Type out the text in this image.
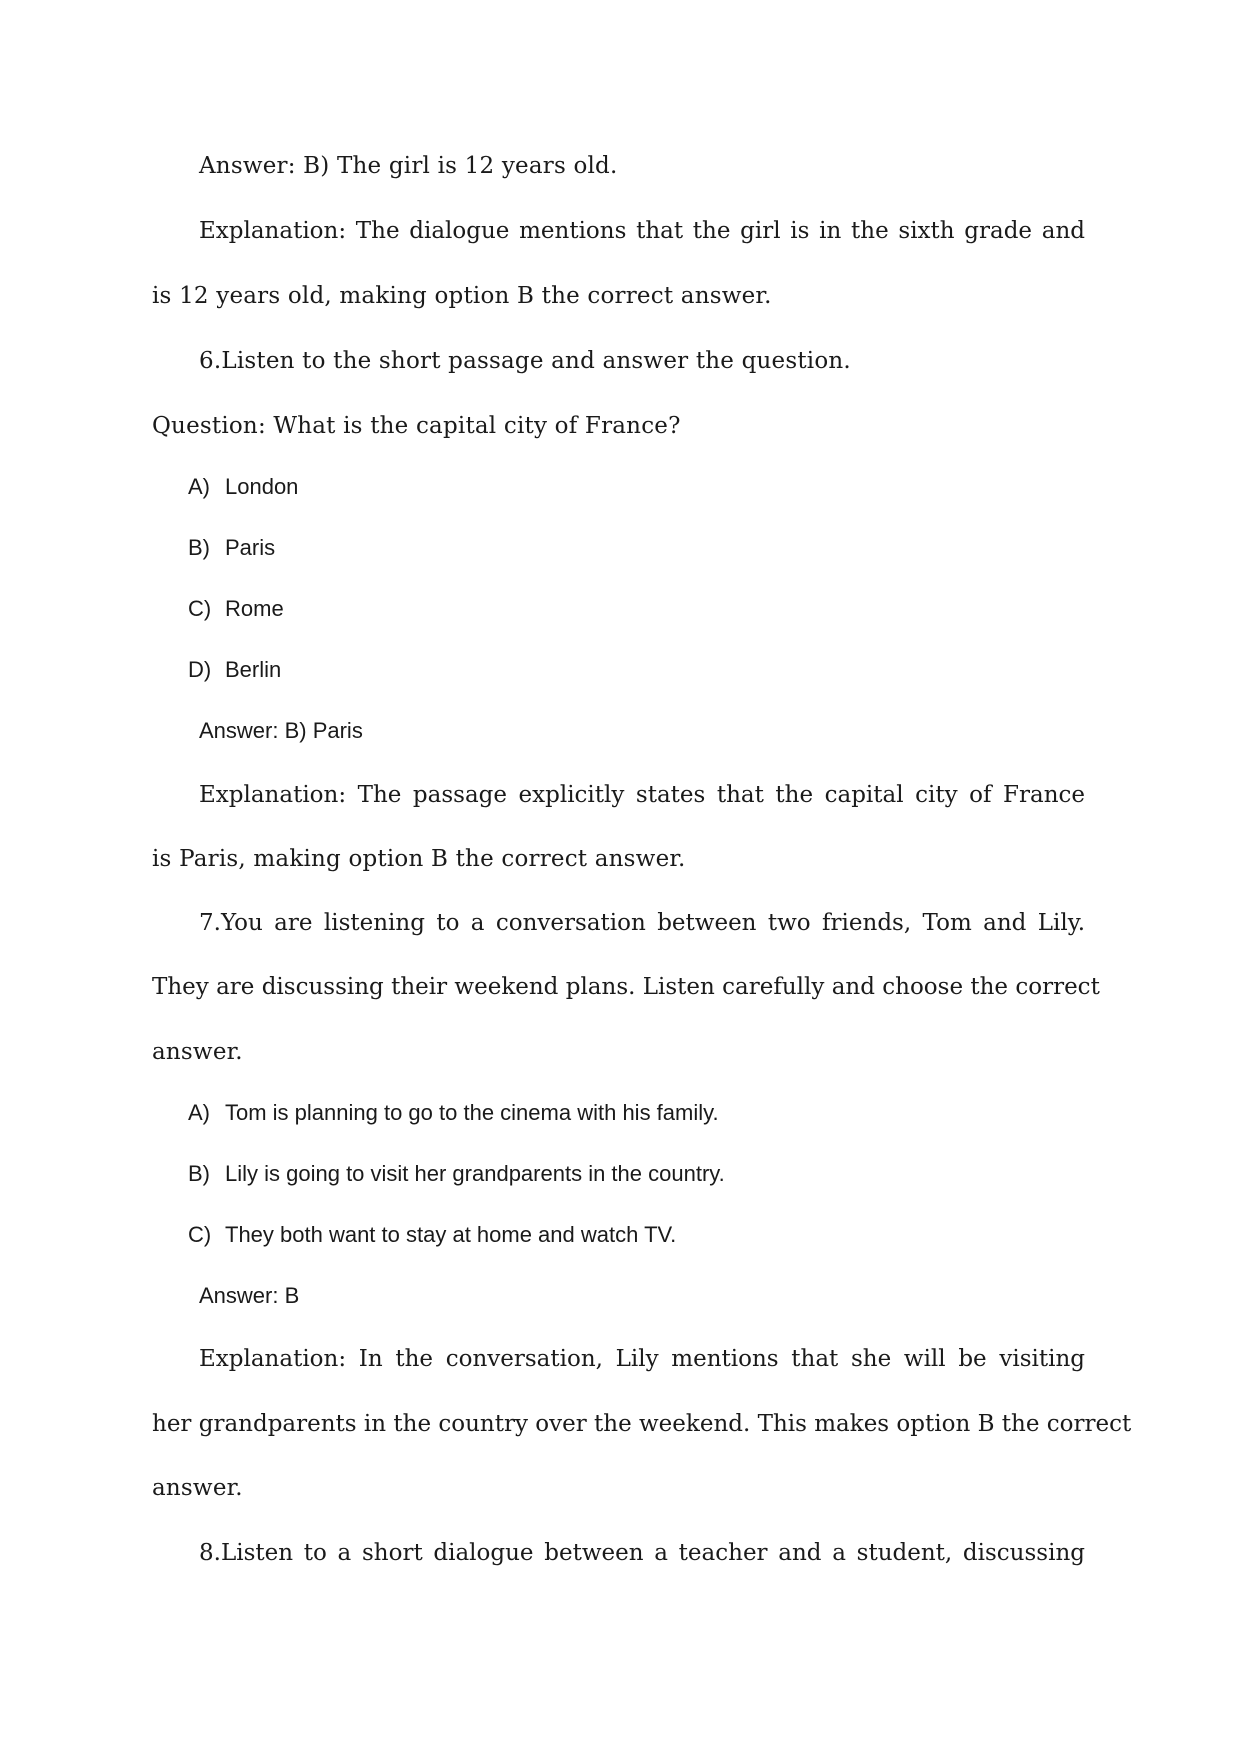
Answer: B) The girl is 12 years old.
Explanation: The dialogue mentions that the girl is in the sixth grade and
is 12 years old, making option B the correct answer.
6.Listen to the short passage and answer the question.
Question: What is the capital city of France?
A) London
B) Paris
C) Rome
D) Berlin
Answer: B) Paris
Explanation: The passage explicitly states that the capital city of France
is Paris, making option B the correct answer.
7.You are listening to a conversation between two friends, Tom and Lily.
They are discussing their weekend plans. Listen carefully and choose the correct
answer.
A) Tom is planning to go to the cinema with his family.
B) Lily is going to visit her grandparents in the country.
C) They both want to stay at home and watch TV.
Answer: B
Explanation: In the conversation, Lily mentions that she will be visiting
her grandparents in the country over the weekend. This makes option B the correct
answer.
8.Listen to a short dialogue between a teacher and a student, discussing
